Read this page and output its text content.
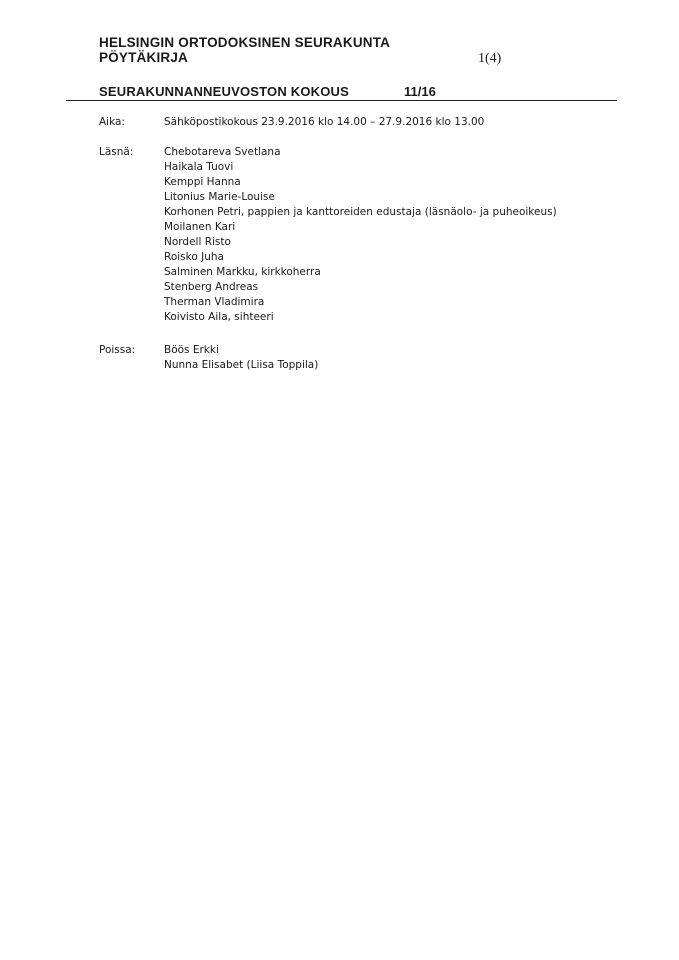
HELSINGIN ORTODOKSINEN SEURAKUNTA
PÖYTÄKIRJA	1(4)
SEURAKUNNANNEUVOSTON KOKOUS	11/16
Aika:	Sähköpostikokous 23.9.2016 klo 14.00 – 27.9.2016 klo 13.00
Läsnä:	Chebotareva Svetlana
Haikala Tuovi
Kemppi Hanna
Litonius Marie-Louise
Korhonen Petri, pappien ja kanttoreiden edustaja (läsnäolo- ja puheoikeus)
Moilanen Kari
Nordell Risto
Roisko Juha
Salminen Markku, kirkkoherra
Stenberg Andreas
Therman Vladimira
Koivisto Aila, sihteeri
Poissa:	Böös Erkki
Nunna Elisabet (Liisa Toppila)
